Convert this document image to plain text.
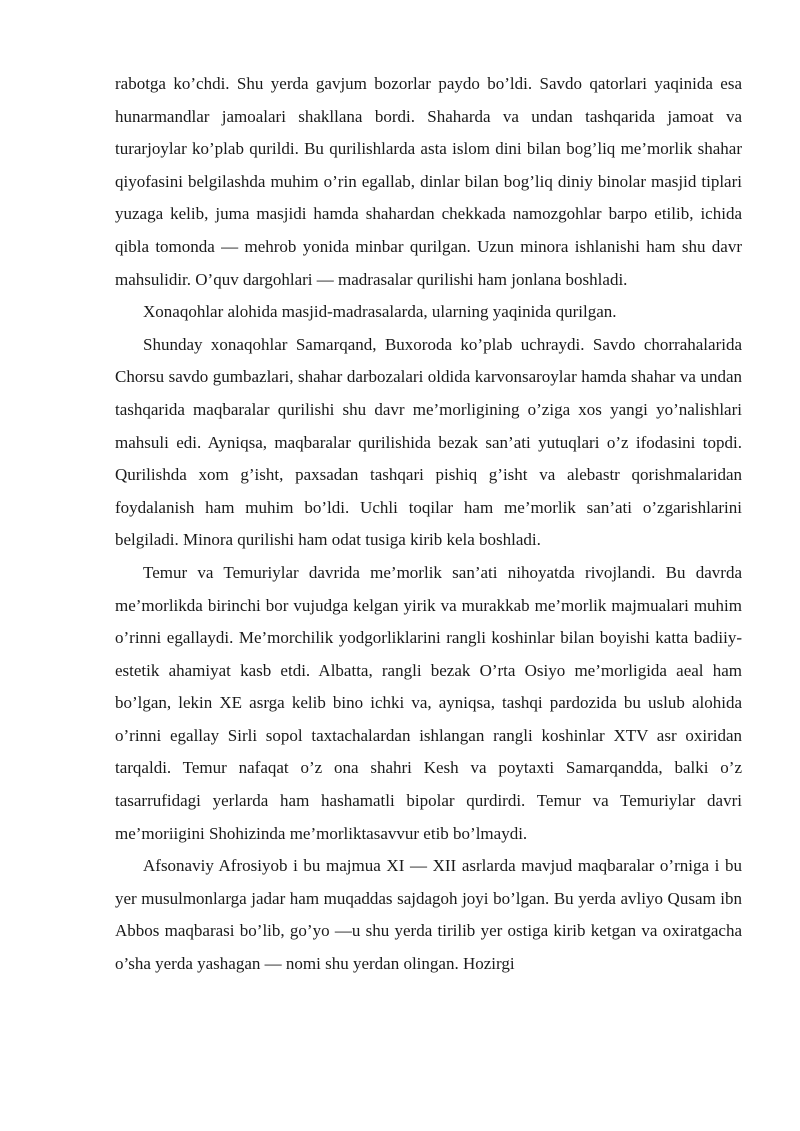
rabotga ko’chdi. Shu yerda gavjum bozorlar paydo bo’ldi. Savdo qatorlari yaqinida esa hunarmandlar jamoalari shakllana bordi. Shaharda va undan tashqarida jamoat va turarjoylar ko’plab qurildi. Bu qurilishlarda asta islom dini bilan bog’liq me’morlik shahar qiyofasini belgilashda muhim o’rin egallab, dinlar bilan bog’liq diniy binolar masjid tiplari yuzaga kelib, juma masjidi hamda shahardan chekkada namozgohlar barpo etilib, ichida qibla tomonda — mehrob yonida minbar qurilgan. Uzun minora ishlanishi ham shu davr mahsulidir. O’quv dargohlari — madrasalar qurilishi ham jonlana boshladi.

Xonaqohlar alohida masjid-madrasalarda, ularning yaqinida qurilgan.

Shunday xonaqohlar Samarqand, Buxoroda ko’plab uchraydi. Savdo chorrahalarida Chorsu savdo gumbazlari, shahar darbozalari oldida karvonsaroylar hamda shahar va undan tashqarida maqbaralar qurilishi shu davr me’morligining o’ziga xos yangi yo’nalishlari mahsuli edi. Ayniqsa, maqbaralar qurilishida bezak san’ati yutuqlari o’z ifodasini topdi. Qurilishda xom g’isht, paxsadan tashqari pishiq g’isht va alebastr qorishmalaridan foydalanish ham muhim bo’ldi. Uchli toqilar ham me’morlik san’ati o’zgarishlarini belgiladi. Minora qurilishi ham odat tusiga kirib kela boshladi.

Temur va Temuriylar davrida me’morlik san’ati nihoyatda rivojlandi. Bu davrda me’morlikda birinchi bor vujudga kelgan yirik va murakkab me’morlik majmualari muhim o’rinni egallaydi. Me’morchilik yodgorliklarini rangli koshinlar bilan boyishi katta badiiy-estetik ahamiyat kasb etdi. Albatta, rangli bezak O’rta Osiyo me’morligida aeal ham bo’lgan, lekin XE asrga kelib bino ichki va, ayniqsa, tashqi pardozida bu uslub alohida o’rinni egallay Sirli sopol taxtachalardan ishlangan rangli koshinlar XTV asr oxiridan tarqaldi. Temur nafaqat o’z ona shahri Kesh va poytaxti Samarqandda, balki o’z tasarrufidagi yerlarda ham hashamatli bipolar qurdirdi. Temur va Temuriylar davri me’moriigini Shohizinda me’morliktasavvur etib bo’lmaydi.

Afsonaviy Afrosiyob i bu majmua XI — XII asrlarda mavjud maqbaralar o’rniga i bu yer musulmonlarga jadar ham muqaddas sajdagoh joyi bo’lgan. Bu yerda avliyo Qusam ibn Abbos maqbarasi bo’lib, go’yo —u shu yerda tirilib yer ostiga kirib ketgan va oxiratgacha o’sha yerda yashagan — nomi shu yerdan olingan. Hozirgi
